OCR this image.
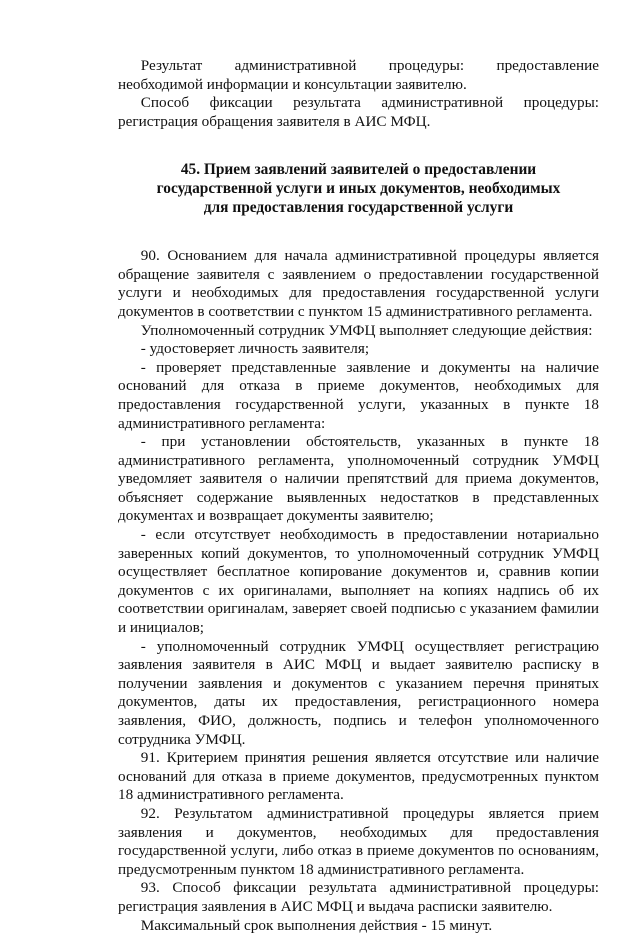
Результат административной процедуры: предоставление необходимой информации и консультации заявителю.

Способ фиксации результата административной процедуры: регистрация обращения заявителя в АИС МФЦ.

45. Прием заявлений заявителей о предоставлении
государственной услуги и иных документов, необходимых
для предоставления государственной услуги

90. Основанием для начала административной процедуры является обращение заявителя с заявлением о предоставлении государственной услуги и необходимых для предоставления государственной услуги документов в соответствии с пунктом 15 административного регламента.

Уполномоченный сотрудник УМФЦ выполняет следующие действия:

- удостоверяет личность заявителя;

- проверяет представленные заявление и документы на наличие оснований для отказа в приеме документов, необходимых для предоставления государственной услуги, указанных в пункте 18 административного регламента:

- при установлении обстоятельств, указанных в пункте 18 административного регламента, уполномоченный сотрудник УМФЦ уведомляет заявителя о наличии препятствий для приема документов, объясняет содержание выявленных недостатков в представленных документах и возвращает документы заявителю;

- если отсутствует необходимость в предоставлении нотариально заверенных копий документов, то уполномоченный сотрудник УМФЦ осуществляет бесплатное копирование документов и, сравнив копии документов с их оригиналами, выполняет на копиях надпись об их соответствии оригиналам, заверяет своей подписью с указанием фамилии и инициалов;

- уполномоченный сотрудник УМФЦ осуществляет регистрацию заявления заявителя в АИС МФЦ и выдает заявителю расписку в получении заявления и документов с указанием перечня принятых документов, даты их предоставления, регистрационного номера заявления, ФИО, должность, подпись и телефон уполномоченного сотрудника УМФЦ.

91. Критерием принятия решения является отсутствие или наличие оснований для отказа в приеме документов, предусмотренных пунктом 18 административного регламента.

92. Результатом административной процедуры является прием заявления и документов, необходимых для предоставления государственной услуги, либо отказ в приеме документов по основаниям, предусмотренным пунктом 18 административного регламента.

93. Способ фиксации результата административной процедуры: регистрация заявления в АИС МФЦ и выдача расписки заявителю.

Максимальный срок выполнения действия - 15 минут.
